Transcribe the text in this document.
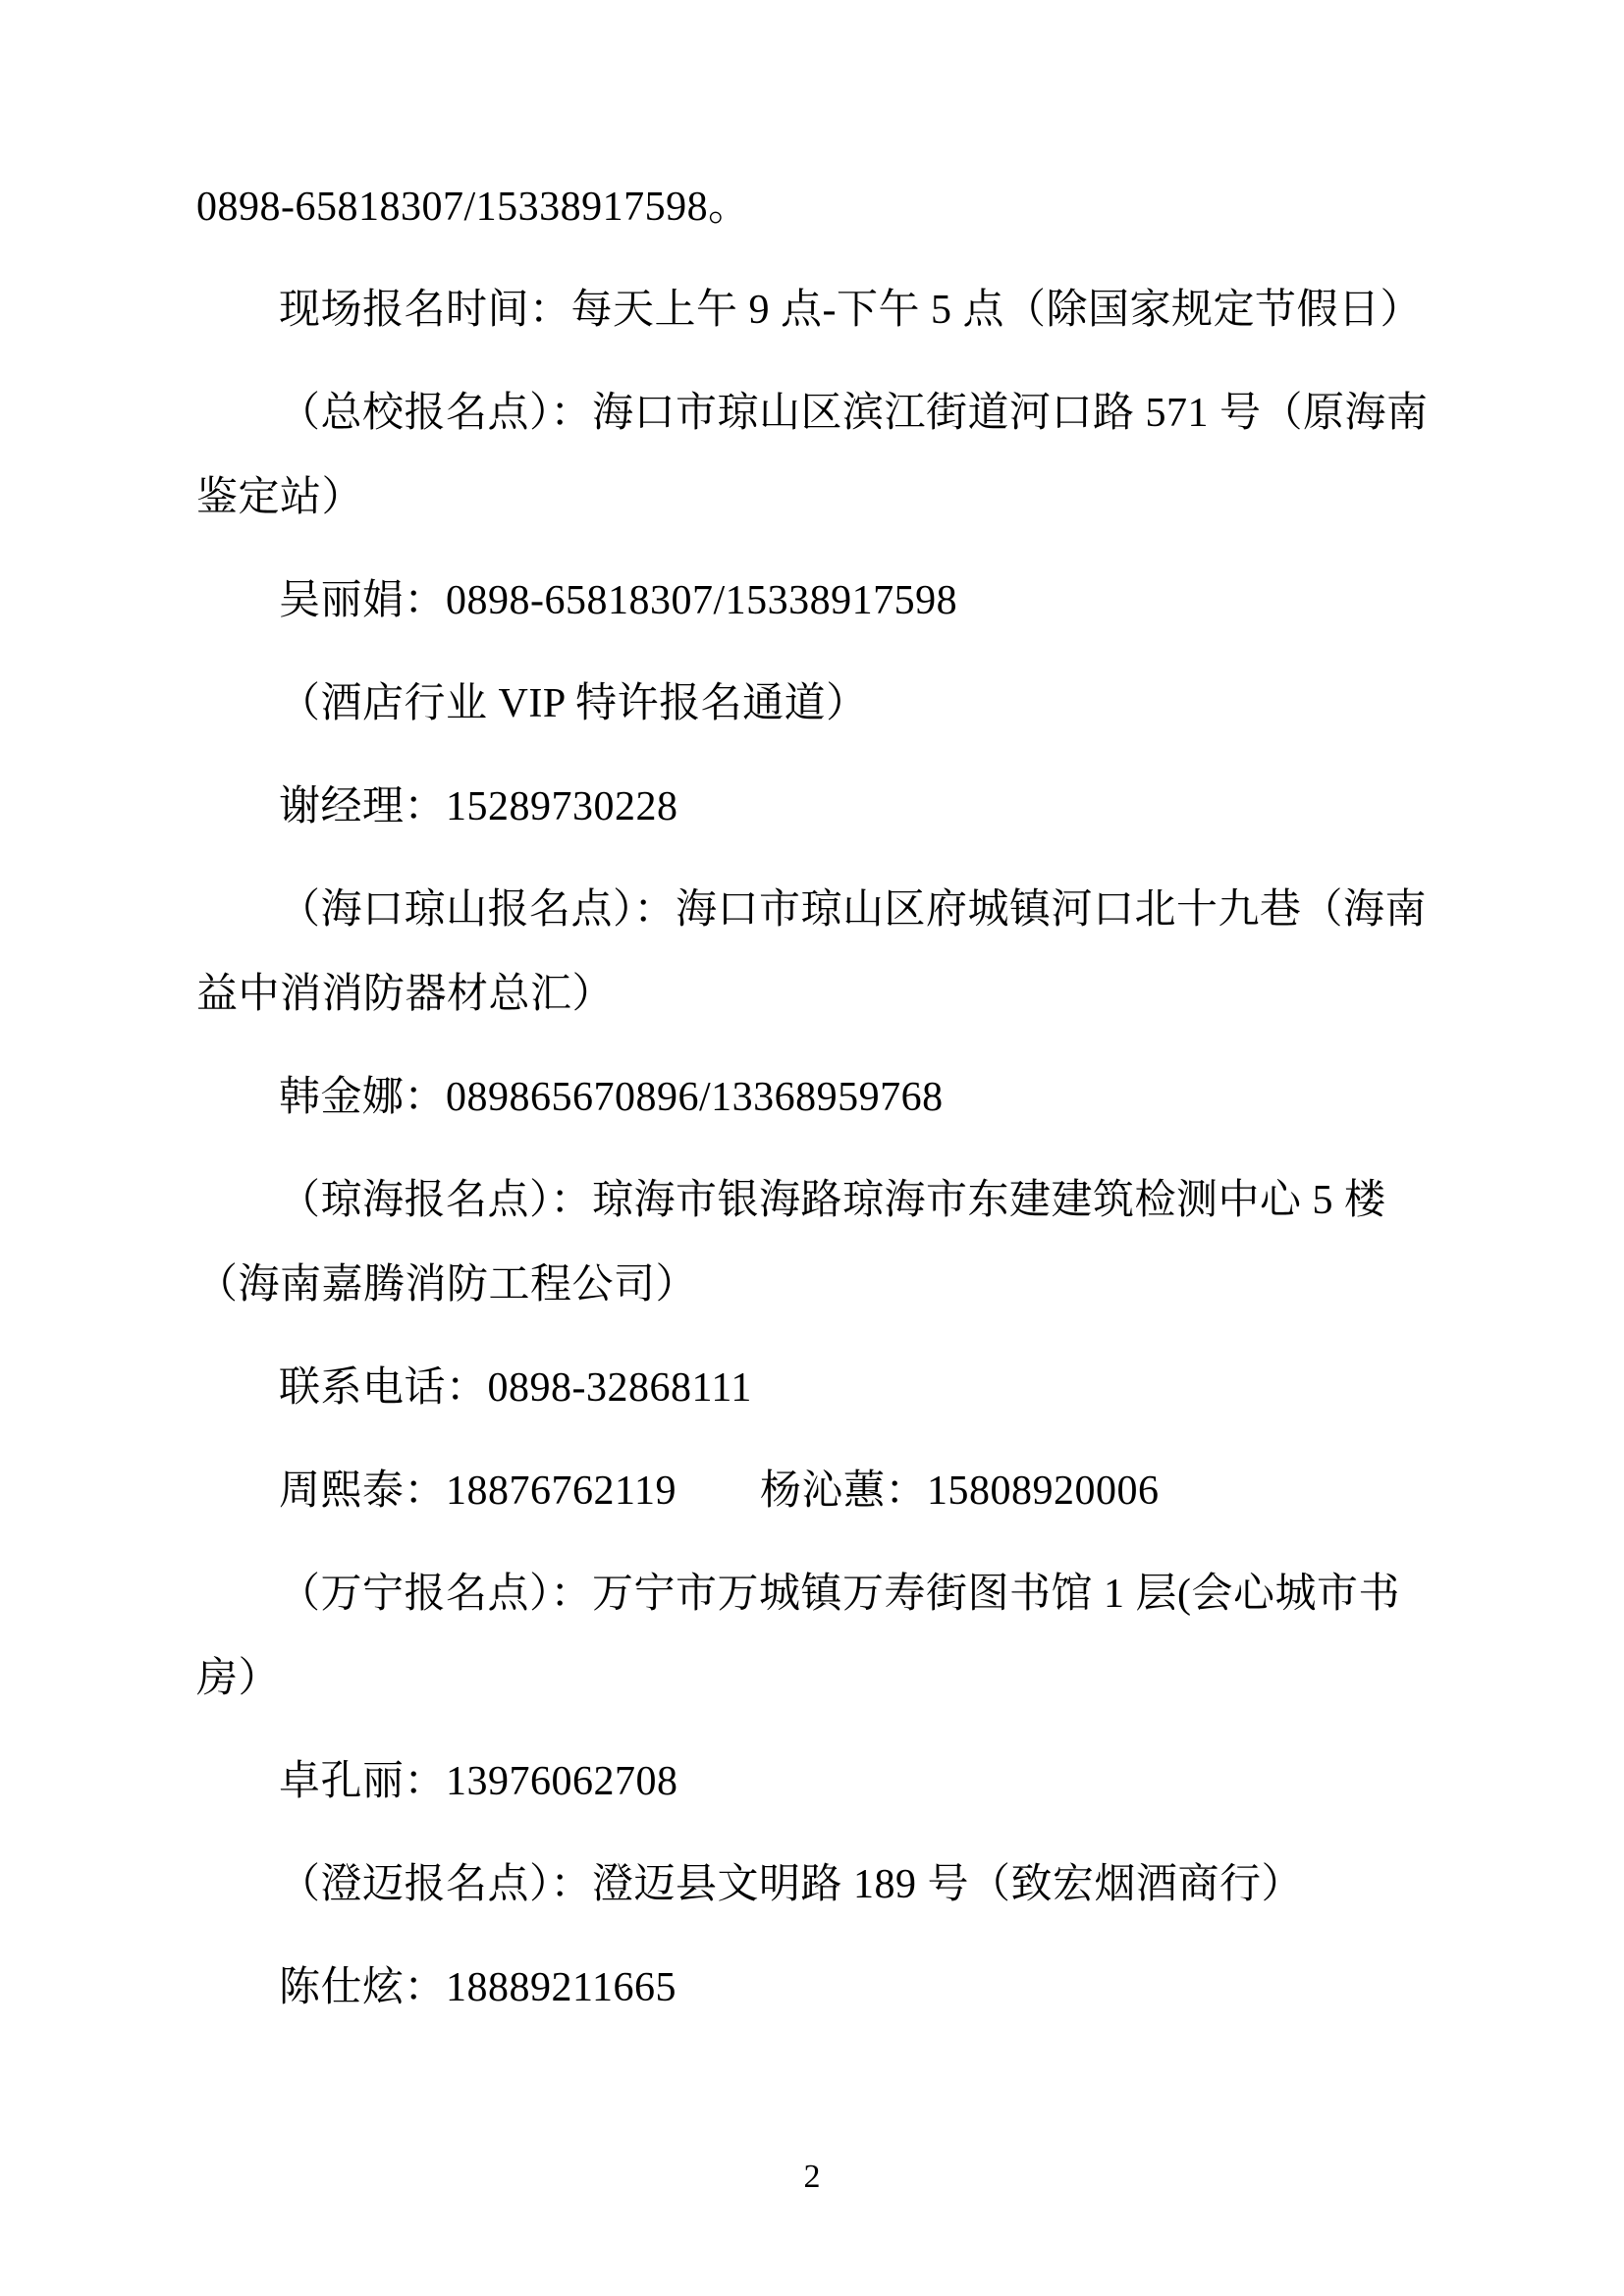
0898-65818307/15338917598。

现场报名时间：每天上午 9 点-下午 5 点（除国家规定节假日）

（总校报名点）：海口市琼山区滨江街道河口路 571 号（原海南
鉴定站）

吴丽娟：0898-65818307/15338917598

（酒店行业 VIP 特许报名通道）

谢经理：15289730228

（海口琼山报名点）：海口市琼山区府城镇河口北十九巷（海南
益中消消防器材总汇）

韩金娜：089865670896/13368959768

（琼海报名点）：琼海市银海路琼海市东建建筑检测中心 5 楼
（海南嘉腾消防工程公司）

联系电话：0898-32868111

周熙泰：18876762119　　杨沁蕙：15808920006

（万宁报名点）：万宁市万城镇万寿街图书馆 1 层(会心城市书
房）

卓孔丽：13976062708

（澄迈报名点）：澄迈县文明路 189 号（致宏烟酒商行）

陈仕炫：18889211665

2
